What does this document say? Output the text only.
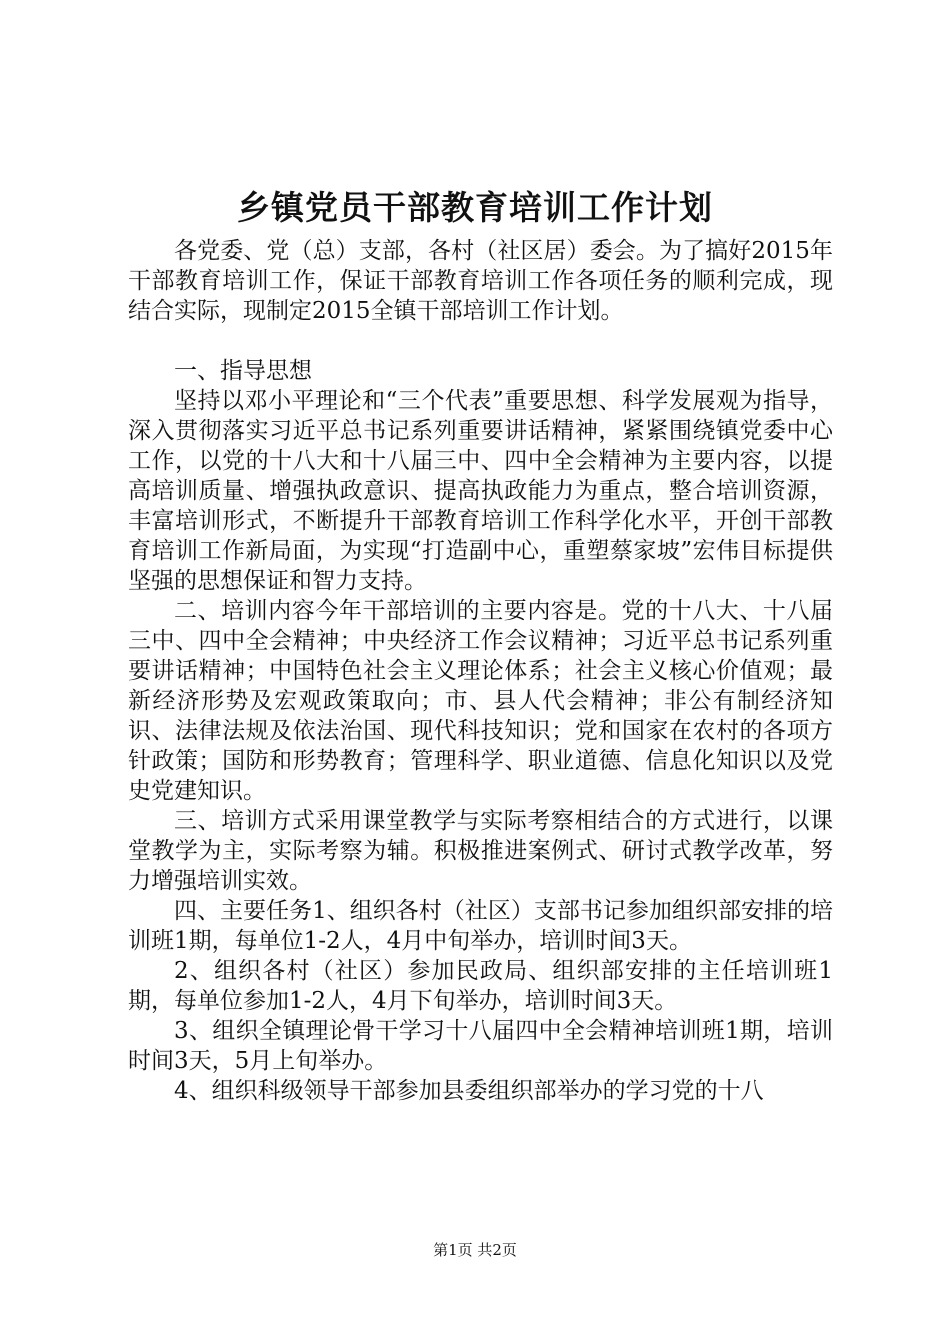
乡镇党员干部教育培训工作计划

各党委、党（总）支部，各村（社区居）委会。为了搞好2015年干部教育培训工作，保证干部教育培训工作各项任务的顺利完成，现结合实际，现制定2015全镇干部培训工作计划。

一、指导思想

坚持以邓小平理论和“三个代表”重要思想、科学发展观为指导，深入贯彻落实习近平总书记系列重要讲话精神，紧紧围绕镇党委中心工作，以党的十八大和十八届三中、四中全会精神为主要内容，以提高培训质量、增强执政意识、提高执政能力为重点，整合培训资源，丰富培训形式，不断提升干部教育培训工作科学化水平，开创干部教育培训工作新局面，为实现“打造副中心，重塑蔡家坡”宏伟目标提供坚强的思想保证和智力支持。

二、培训内容今年干部培训的主要内容是。党的十八大、十八届三中、四中全会精神；中央经济工作会议精神；习近平总书记系列重要讲话精神；中国特色社会主义理论体系；社会主义核心价值观；最新经济形势及宏观政策取向；市、县人代会精神；非公有制经济知识、法律法规及依法治国、现代科技知识；党和国家在农村的各项方针政策；国防和形势教育；管理科学、职业道德、信息化知识以及党史党建知识。

三、培训方式采用课堂教学与实际考察相结合的方式进行，以课堂教学为主，实际考察为辅。积极推进案例式、研讨式教学改革，努力增强培训实效。

四、主要任务1、组织各村（社区）支部书记参加组织部安排的培训班1期，每单位1-2人，4月中旬举办，培训时间3天。

2、组织各村（社区）参加民政局、组织部安排的主任培训班1期，每单位参加1-2人，4月下旬举办，培训时间3天。

3、组织全镇理论骨干学习十八届四中全会精神培训班1期，培训时间3天，5月上旬举办。

4、组织科级领导干部参加县委组织部举办的学习党的十八

第1页 共2页
